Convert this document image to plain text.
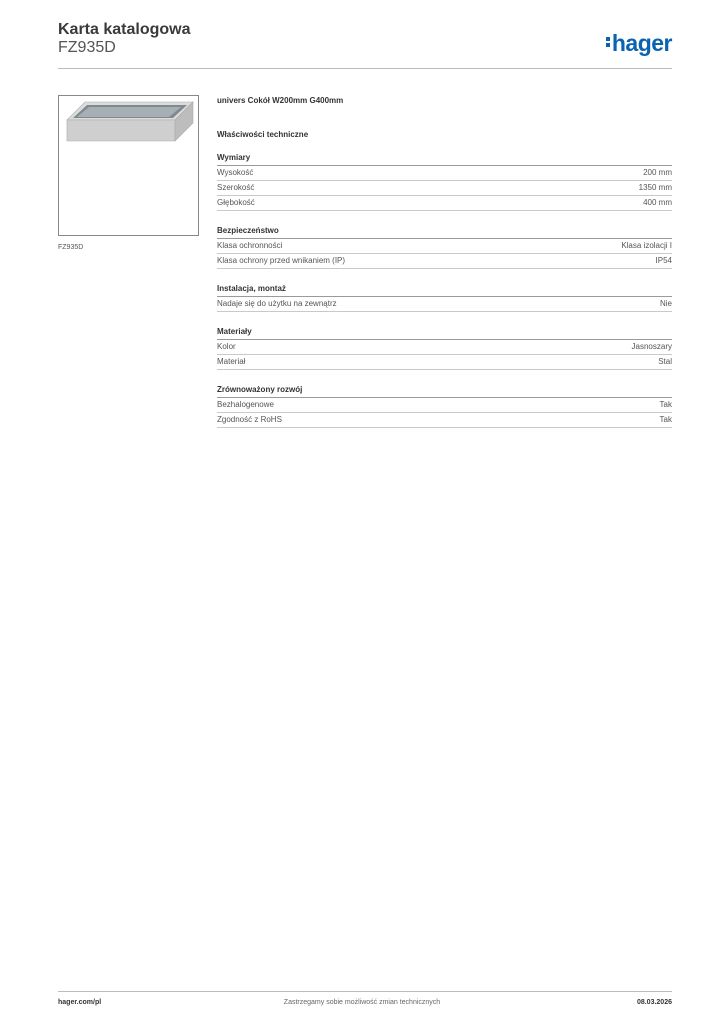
Karta katalogowa
FZ935D	hager
FZ935D
univers Cokół W200mm G400mm
Właściwości techniczne
Wymiary
Wysokość	200 mm
Szerokość	1350 mm
Głębokość	400 mm
Bezpieczeństwo
Klasa ochronności	Klasa izolacji I
Klasa ochrony przed wnikaniem (IP)	IP54
Instalacja, montaż
Nadaje się do użytku na zewnątrz	Nie
Materiały
Kolor	Jasnoszary
Materiał	Stal
Zrównoważony rozwój
Bezhalogenowe	Tak
Zgodność z RoHS	Tak
hager.com/pl	Zastrzegamy sobie możliwość zmian technicznych	08.03.2026
